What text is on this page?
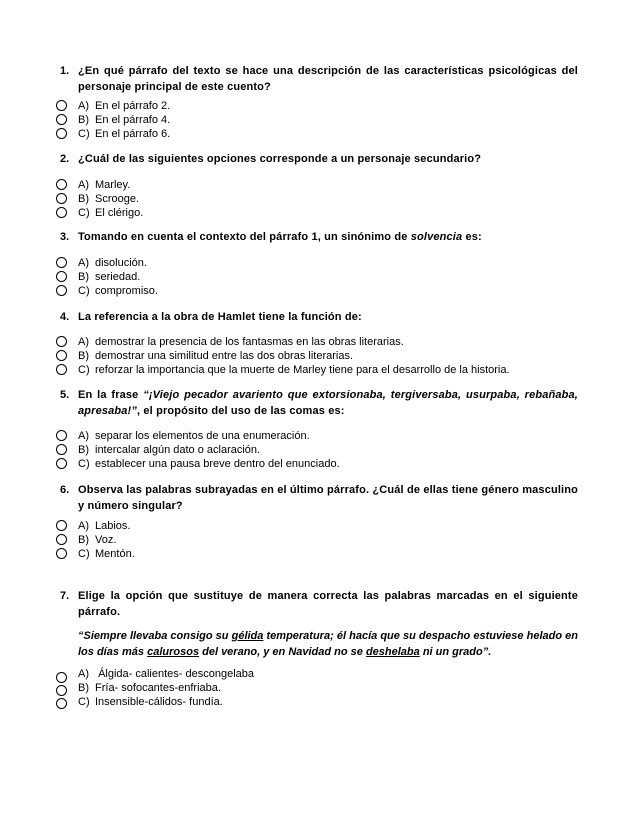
1. ¿En qué párrafo del texto se hace una descripción de las características psicológicas del personaje principal de este cuento?
A) En el párrafo 2.
B) En el párrafo 4.
C) En el párrafo 6.
2. ¿Cuál de las siguientes opciones corresponde a un personaje secundario?
A) Marley.
B) Scrooge.
C) El clérigo.
3. Tomando en cuenta el contexto del párrafo 1, un sinónimo de solvencia es:
A) disolución.
B) seriedad.
C) compromiso.
4. La referencia a la obra de Hamlet tiene la función de:
A) demostrar la presencia de los fantasmas en las obras literarias.
B) demostrar una similitud entre las dos obras literarias.
C) reforzar la importancia que la muerte de Marley tiene para el desarrollo de la historia.
5. En la frase “¡Viejo pecador avariento que extorsionaba, tergiversaba, usurpaba, rebañaba, apresaba!”, el propósito del uso de las comas es:
A) separar los elementos de una enumeración.
B) intercalar algún dato o aclaración.
C) establecer una pausa breve dentro del enunciado.
6. Observa las palabras subrayadas en el último párrafo. ¿Cuál de ellas tiene género masculino y número singular?
A) Labios.
B) Voz.
C) Mentón.
7. Elige la opción que sustituye de manera correcta las palabras marcadas en el siguiente párrafo.
“Siempre llevaba consigo su gélida temperatura; él hacía que su despacho estuviese helado en los días más calurosos del verano, y en Navidad no se deshelaba ni un grado”.
A) Álgida- calientes- descongelaba
B) Fría- sofocantes-enfriaba.
C) Insensible-cálidos- fundía.
